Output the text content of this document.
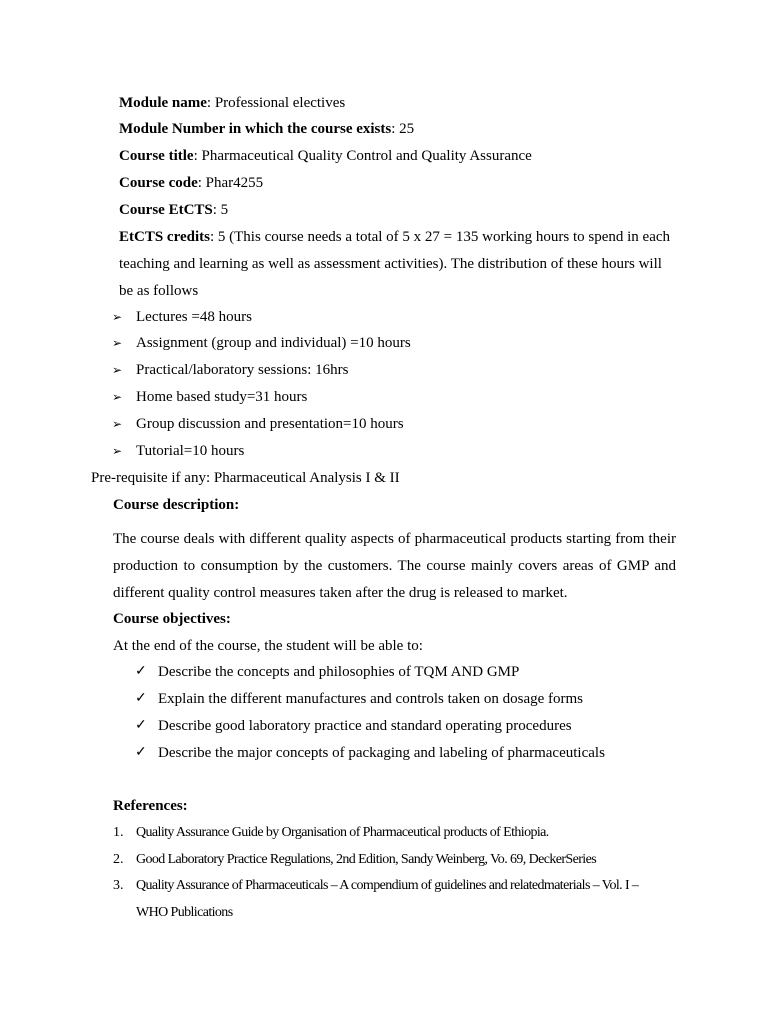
Module name: Professional electives
Module Number in which the course exists: 25
Course title: Pharmaceutical Quality Control and Quality Assurance
Course code: Phar4255
Course EtCTS: 5
EtCTS credits: 5 (This course needs a total of 5 x 27 = 135 working hours to spend in each
teaching and learning as well as assessment activities). The distribution of these hours will
be as follows
➢ Lectures =48 hours
➢ Assignment (group and individual) =10 hours
➢ Practical/laboratory sessions: 16hrs
➢ Home based study=31 hours
➢ Group discussion and presentation=10 hours
➢ Tutorial=10 hours
Pre-requisite if any: Pharmaceutical Analysis I & II
Course description:
The course deals with different quality aspects of pharmaceutical products starting from their
production to consumption by the customers. The course mainly covers areas of GMP and
different quality control measures taken after the drug is released to market.
Course objectives:
At the end of the course, the student will be able to:
✓ Describe the concepts and philosophies of TQM AND GMP
✓ Explain the different manufactures and controls taken on dosage forms
✓ Describe good laboratory practice and standard operating procedures
✓ Describe the major concepts of packaging and labeling of pharmaceuticals
References:
1. Quality Assurance Guide by Organisation of Pharmaceutical products of Ethiopia.
2. Good Laboratory Practice Regulations, 2nd Edition, Sandy Weinberg, Vo. 69, DeckerSeries
3. Quality Assurance of Pharmaceuticals – A compendium of guidelines and relatedmaterials – Vol. I –
WHO Publications
